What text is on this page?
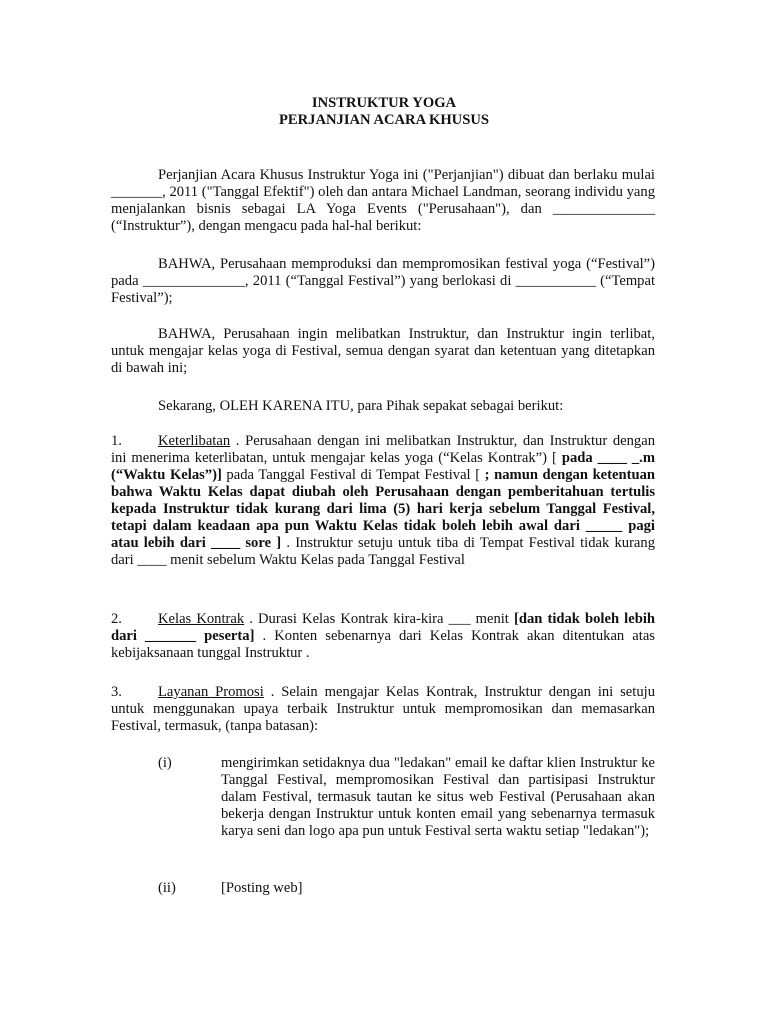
INSTRUKTUR YOGA
PERJANJIAN ACARA KHUSUS
Perjanjian Acara Khusus Instruktur Yoga ini ("Perjanjian") dibuat dan berlaku mulai _______, 2011 ("Tanggal Efektif") oleh dan antara Michael Landman, seorang individu yang menjalankan bisnis sebagai LA Yoga Events ("Perusahaan"), dan ______________ (“Instruktur”), dengan mengacu pada hal-hal berikut:
BAHWA, Perusahaan memproduksi dan mempromosikan festival yoga (“Festival”) pada ______________, 2011 (“Tanggal Festival”) yang berlokasi di ___________ (“Tempat Festival”);
BAHWA, Perusahaan ingin melibatkan Instruktur, dan Instruktur ingin terlibat, untuk mengajar kelas yoga di Festival, semua dengan syarat dan ketentuan yang ditetapkan di bawah ini;
Sekarang, OLEH KARENA ITU, para Pihak sepakat sebagai berikut:
1. Keterlibatan . Perusahaan dengan ini melibatkan Instruktur, dan Instruktur dengan ini menerima keterlibatan, untuk mengajar kelas yoga (“Kelas Kontrak”) [ pada ____ _.m (“Waktu Kelas”)] pada Tanggal Festival di Tempat Festival [ ; namun dengan ketentuan bahwa Waktu Kelas dapat diubah oleh Perusahaan dengan pemberitahuan tertulis kepada Instruktur tidak kurang dari lima (5) hari kerja sebelum Tanggal Festival, tetapi dalam keadaan apa pun Waktu Kelas tidak boleh lebih awal dari _____ pagi atau lebih dari ____ sore ] . Instruktur setuju untuk tiba di Tempat Festival tidak kurang dari ____ menit sebelum Waktu Kelas pada Tanggal Festival
2. Kelas Kontrak . Durasi Kelas Kontrak kira-kira ___ menit [dan tidak boleh lebih dari _______ peserta] . Konten sebenarnya dari Kelas Kontrak akan ditentukan atas kebijaksanaan tunggal Instruktur .
3. Layanan Promosi . Selain mengajar Kelas Kontrak, Instruktur dengan ini setuju untuk menggunakan upaya terbaik Instruktur untuk mempromosikan dan memasarkan Festival, termasuk, (tanpa batasan):
(i)	mengirimkan setidaknya dua "ledakan" email ke daftar klien Instruktur ke Tanggal Festival, mempromosikan Festival dan partisipasi Instruktur dalam Festival, termasuk tautan ke situs web Festival (Perusahaan akan bekerja dengan Instruktur untuk konten email yang sebenarnya termasuk karya seni dan logo apa pun untuk Festival serta waktu setiap "ledakan");
(ii)	[Posting web]
